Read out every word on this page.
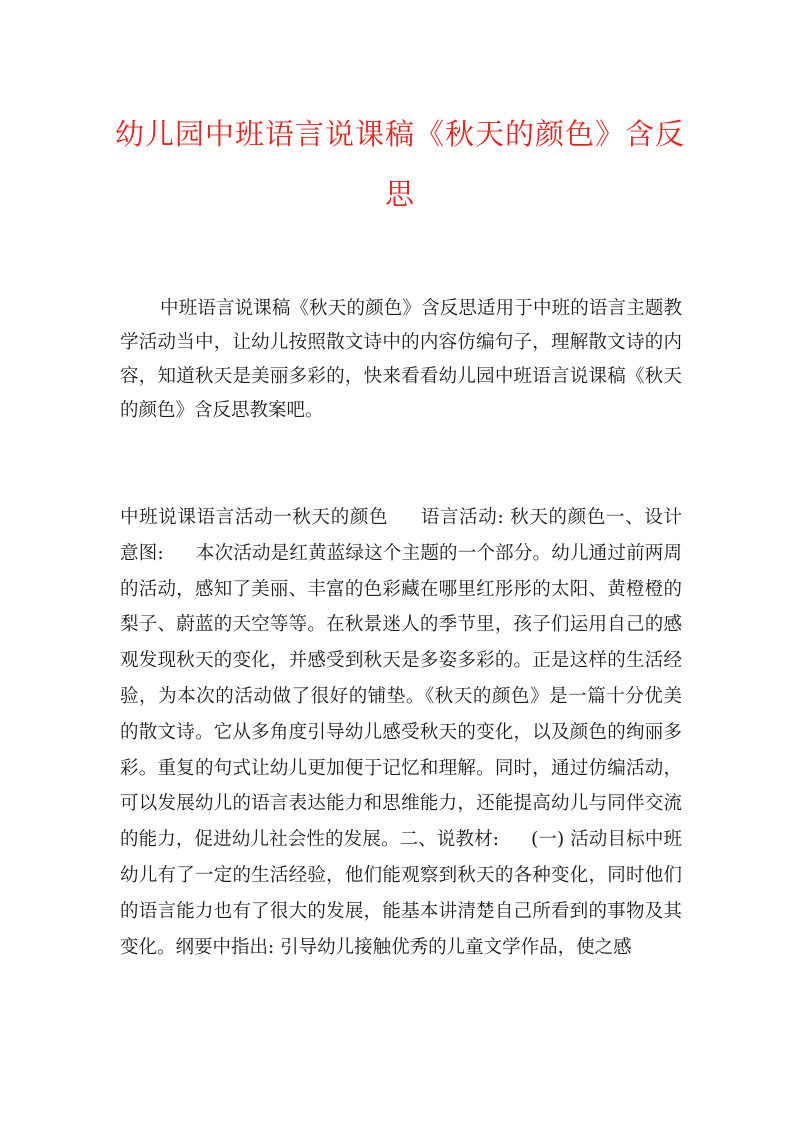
幼儿园中班语言说课稿《秋天的颜色》含反思

中班语言说课稿《秋天的颜色》含反思适用于中班的语言主题教学活动当中，让幼儿按照散文诗中的内容仿编句子，理解散文诗的内容，知道秋天是美丽多彩的，快来看看幼儿园中班语言说课稿《秋天的颜色》含反思教案吧。

中班说课语言活动一秋天的颜色 语言活动: 秋天的颜色一、设计意图: 本次活动是红黄蓝绿这个主题的一个部分。幼儿通过前两周的活动，感知了美丽、丰富的色彩藏在哪里红彤彤的太阳、黄橙橙的梨子、蔚蓝的天空等等。在秋景迷人的季节里，孩子们运用自己的感观发现秋天的变化，并感受到秋天是多姿多彩的。正是这样的生活经验，为本次的活动做了很好的铺垫。《秋天的颜色》是一篇十分优美的散文诗。它从多角度引导幼儿感受秋天的变化，以及颜色的绚丽多彩。重复的句式让幼儿更加便于记忆和理解。同时，通过仿编活动，可以发展幼儿的语言表达能力和思维能力，还能提高幼儿与同伴交流的能力，促进幼儿社会性的发展。二、说教材: (一) 活动目标中班幼儿有了一定的生活经验，他们能观察到秋天的各种变化，同时他们的语言能力也有了很大的发展，能基本讲清楚自己所看到的事物及其变化。纲要中指出: 引导幼儿接触优秀的儿童文学作品，使之感
